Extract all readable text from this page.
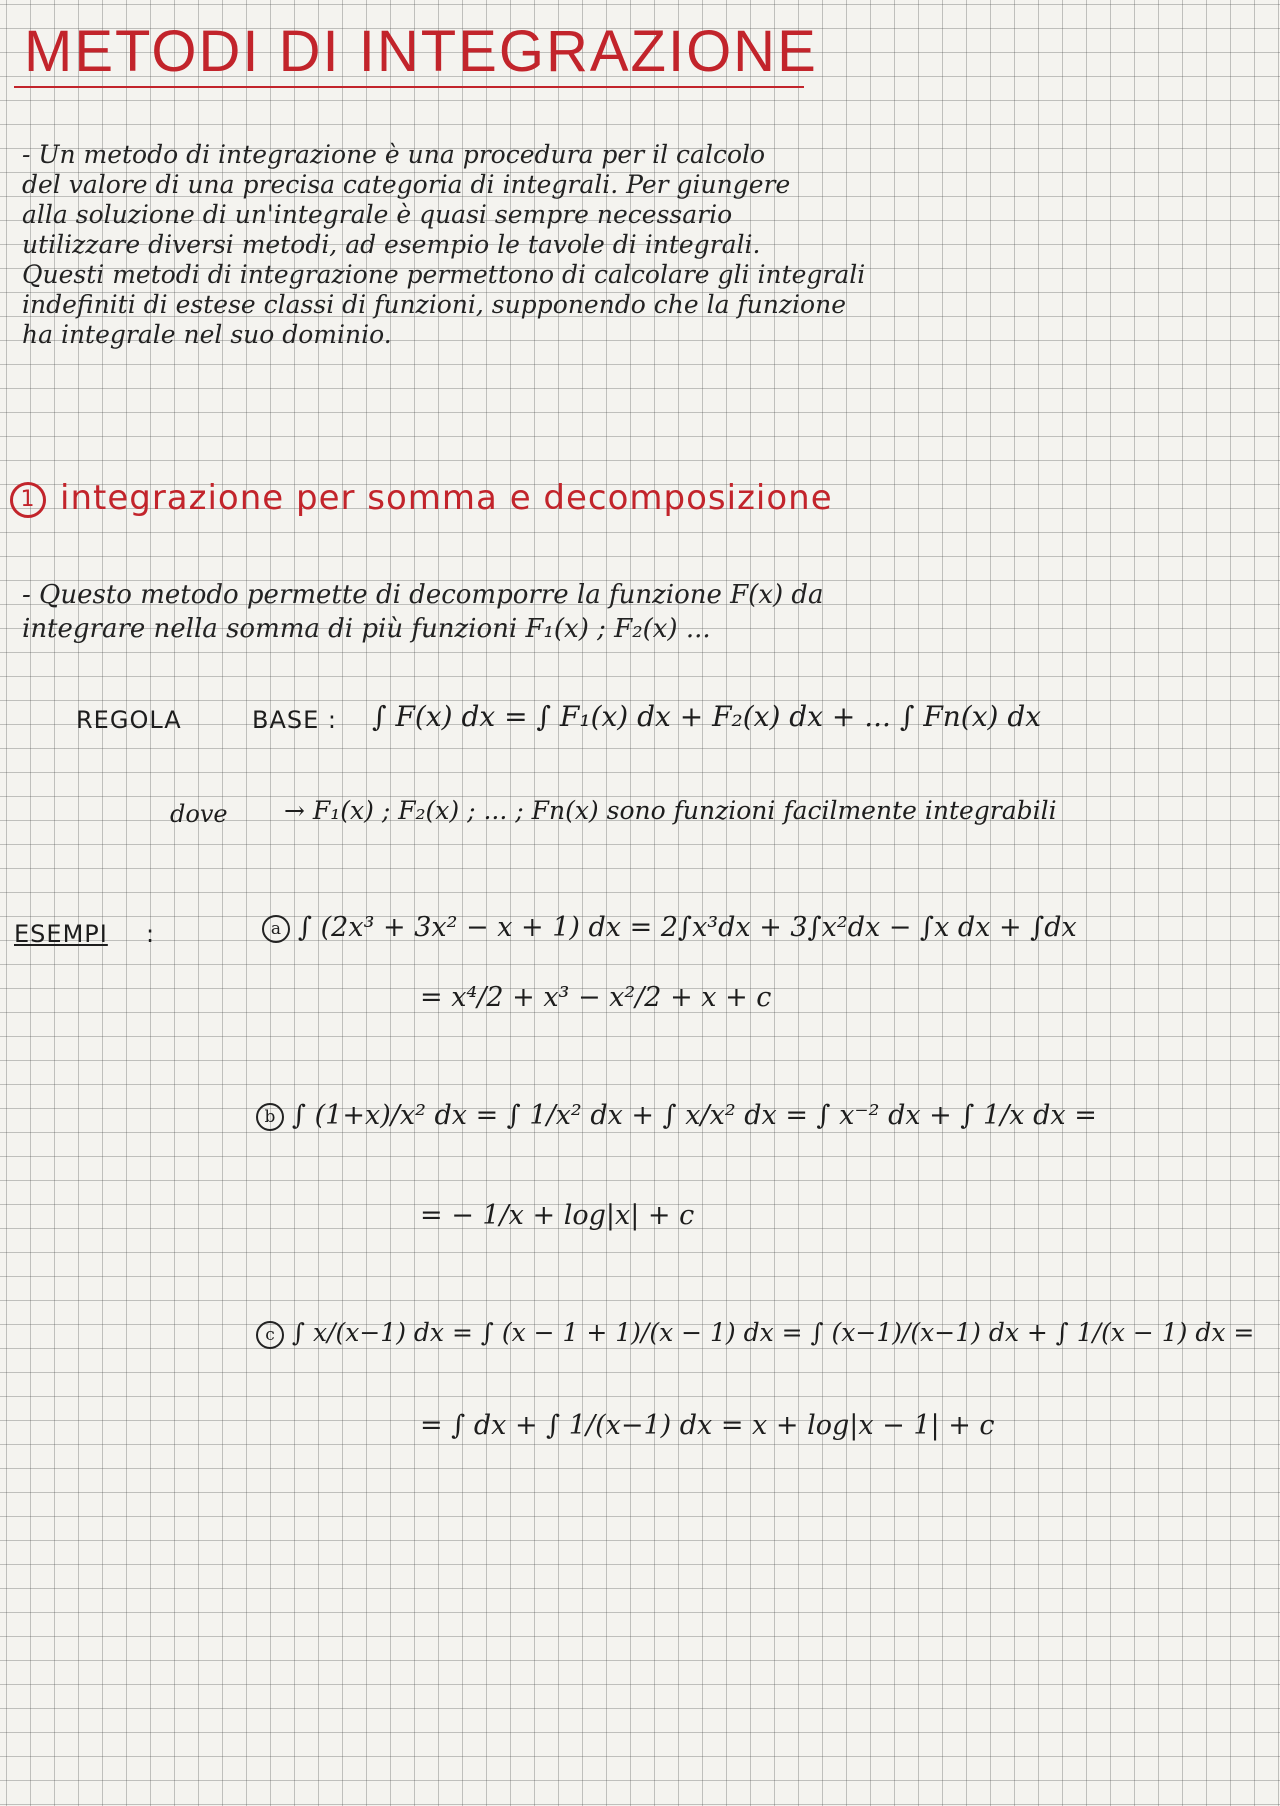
METODI DI INTEGRAZIONE
- Un metodo di integrazione è una procedura per il calcolo
del valore di una precisa categoria di integrali. Per giungere
alla soluzione di un'integrale è quasi sempre necessario
utilizzare diversi metodi, ad esempio le tavole di integrali.
Questi metodi di integrazione permettono di calcolare gli integrali
indefiniti di estese classi di funzioni, supponendo che la funzione
ha integrale nel suo dominio.
1 integrazione per somma e decomposizione
- Questo metodo permette di decomporre la funzione F(x) da
integrare nella somma di più funzioni F₁(x) ; F₂(x) ...
REGOLA	BASE : ∫ F(x) dx = ∫ F₁(x) dx + F₂(x) dx + ... ∫ Fn(x) dx
dove → F₁(x) ; F₂(x) ; ... ; Fn(x) sono funzioni facilmente integrabili
ESEMPI :	a ∫ (2x³ + 3x² − x + 1) dx = 2∫x³dx + 3∫x²dx − ∫x dx + ∫dx
= x⁴/2 + x³ − x²/2 + x + c
b ∫ (1+x)/x² dx = ∫ 1/x² dx + ∫ x/x² dx = ∫ x⁻² dx + ∫ 1/x dx =
= − 1/x + log|x| + c
c ∫ x/(x−1) dx = ∫ (x − 1 + 1)/(x − 1) dx = ∫ (x−1)/(x−1) dx + ∫ 1/(x − 1) dx =
= ∫ dx + ∫ 1/(x−1) dx = x + log|x − 1| + c
